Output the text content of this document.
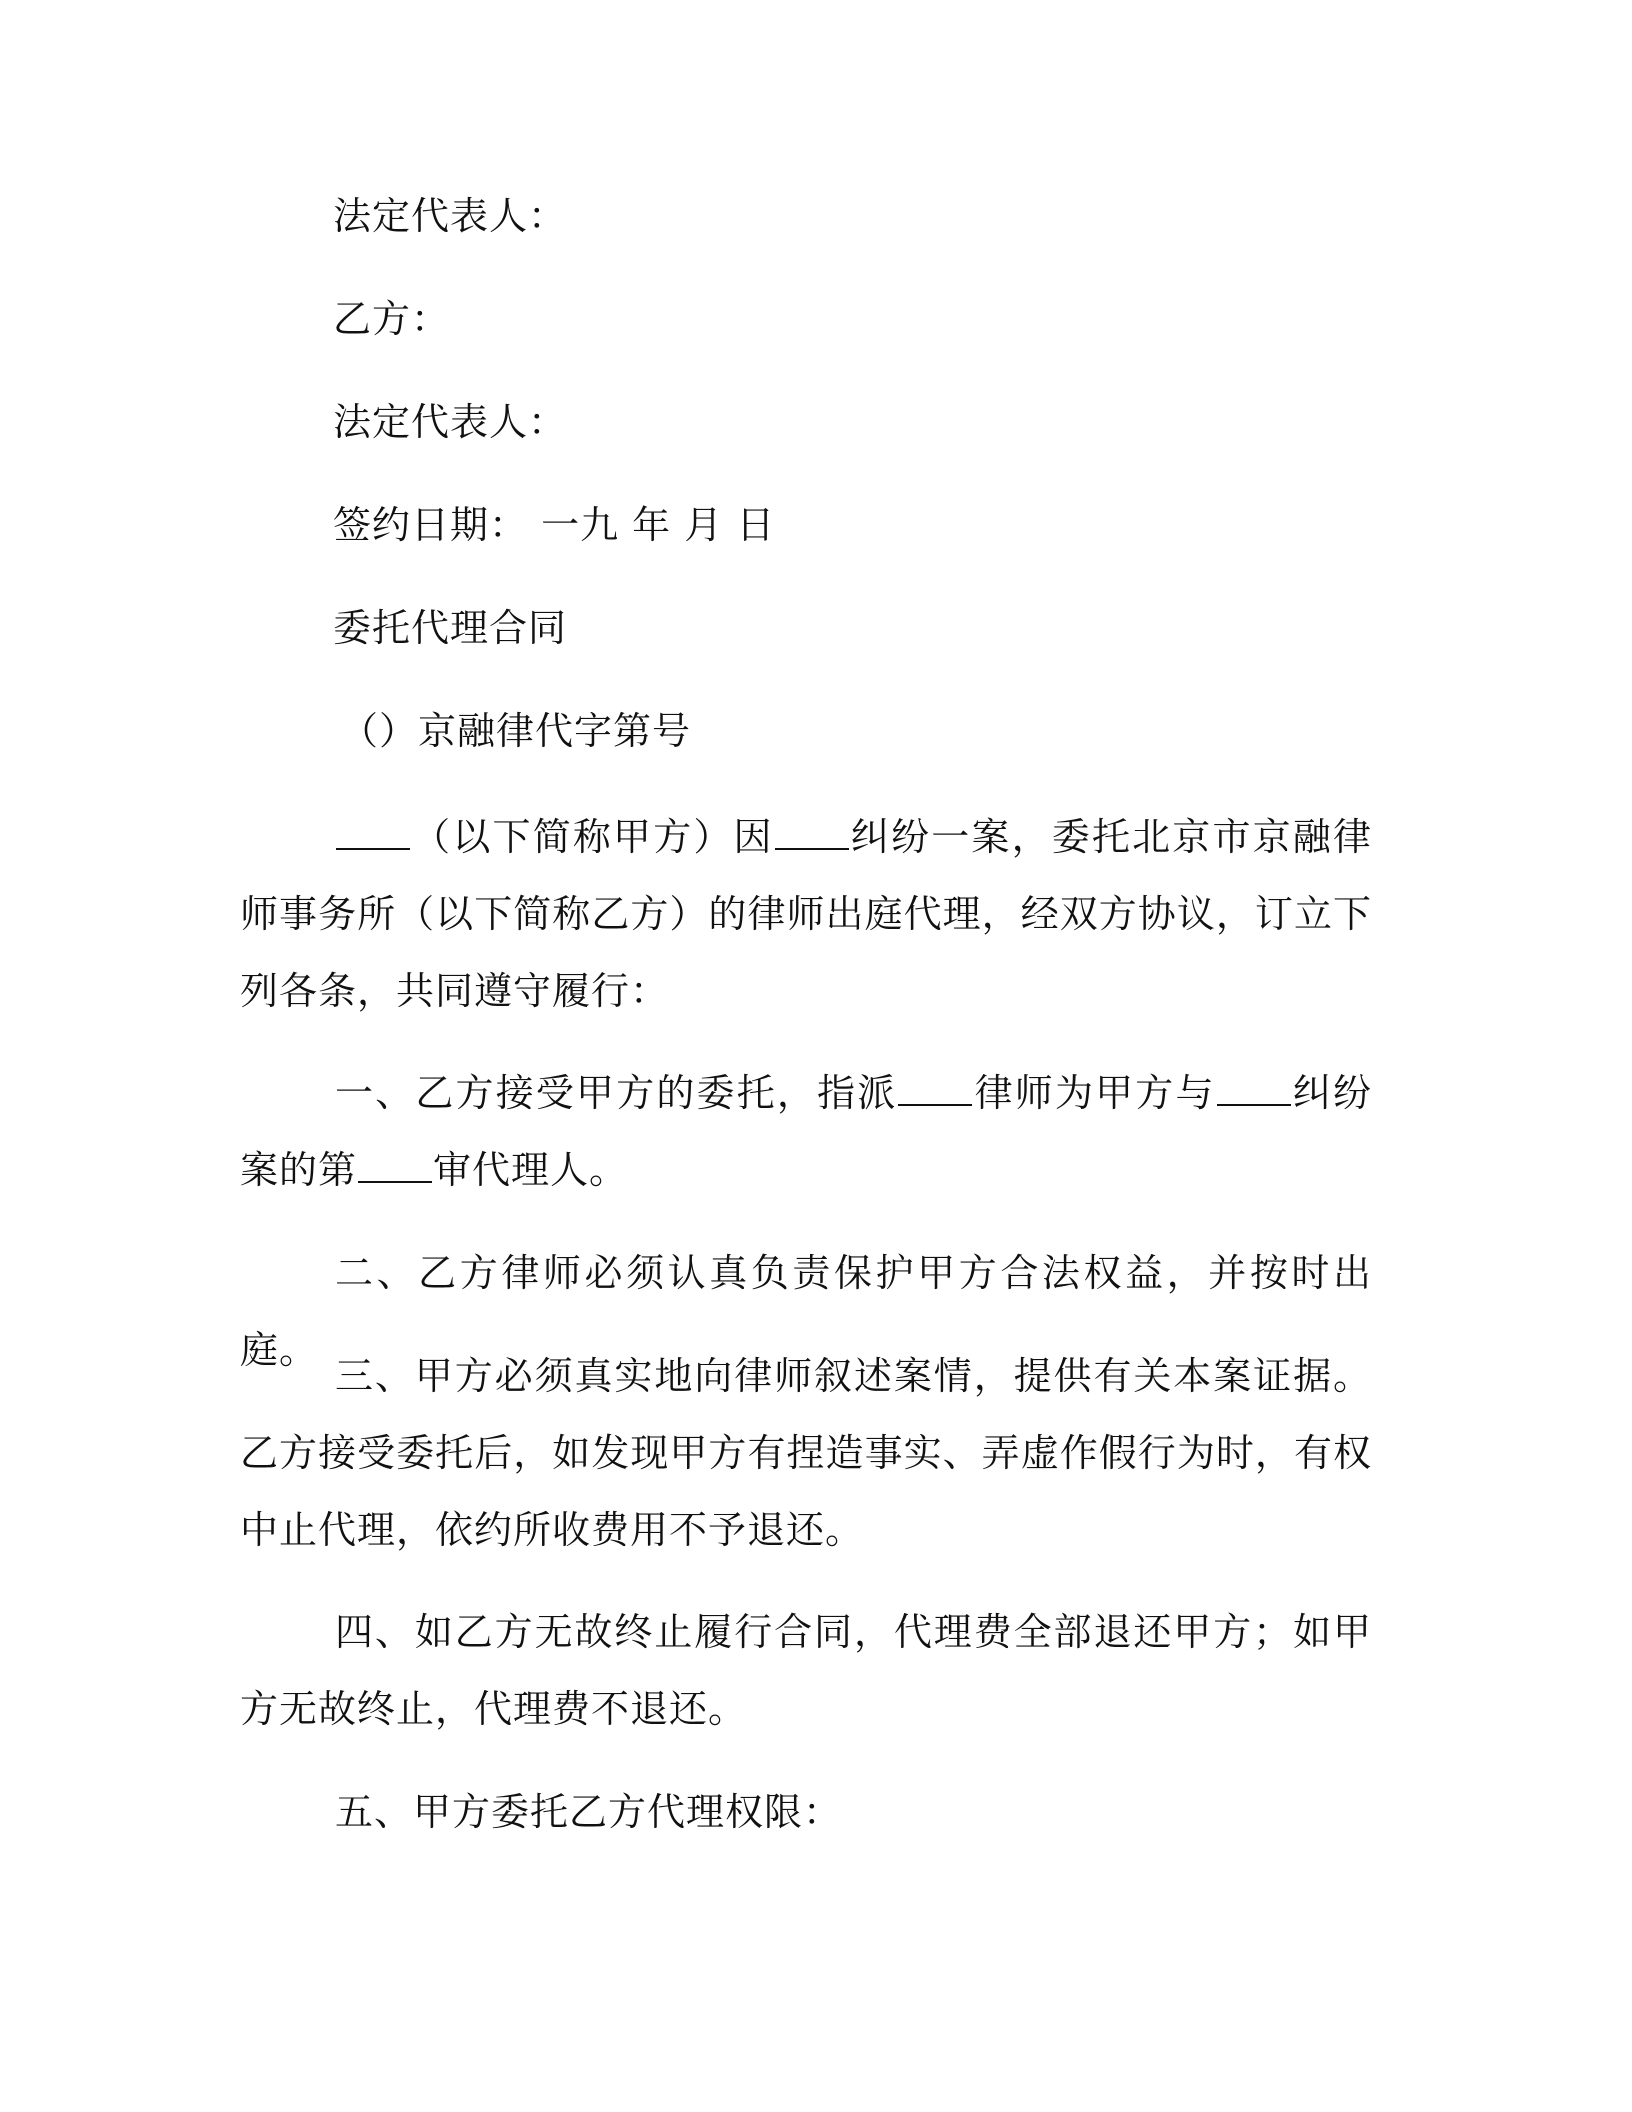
法定代表人：
乙方：
法定代表人：
签约日期： 一九 年 月 日
委托代理合同
（）京融律代字第号
（以下简称甲方）因 纠纷一案，委托北京市京融律师事务所（以下简称乙方）的律师出庭代理，经双方协议，订立下列各条，共同遵守履行：
一、乙方接受甲方的委托，指派 律师为甲方与 纠纷案的第 审代理人。
二、乙方律师必须认真负责保护甲方合法权益，并按时出庭。
三、甲方必须真实地向律师叙述案情，提供有关本案证据。乙方接受委托后，如发现甲方有捏造事实、弄虚作假行为时，有权中止代理，依约所收费用不予退还。
四、如乙方无故终止履行合同，代理费全部退还甲方；如甲方无故终止，代理费不退还。
五、甲方委托乙方代理权限：
